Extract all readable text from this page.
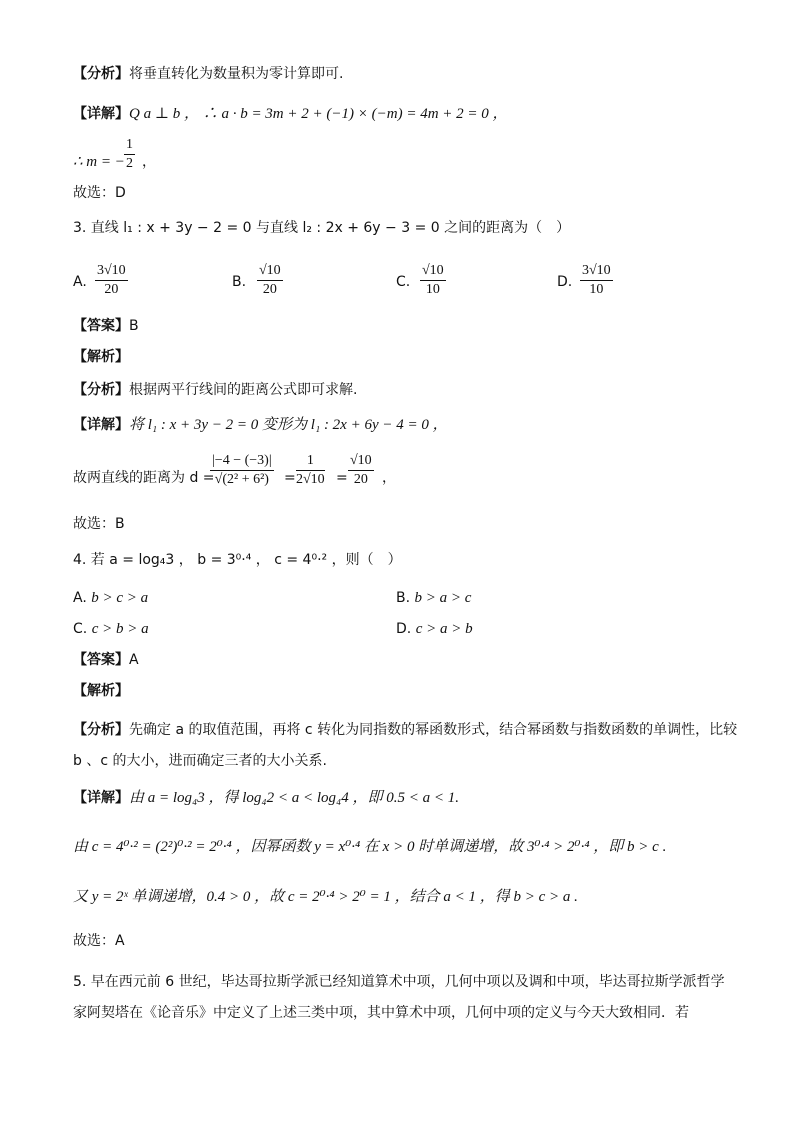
【分析】将垂直转化为数量积为零计算即可.
【详解】Q a ⊥ b ， ∴ a · b = 3m + 2 + (−1) × (−m) = 4m + 2 = 0 ，
∴ m = − $\frac{1}{2}$ ，
故选：D
3. 直线 l₁ : x + 3y − 2 = 0 与直线 l₂ : 2x + 6y − 3 = 0 之间的距离为（　）
A. $\frac{3√10}{20}$	B. $\frac{√10}{20}$	C. $\frac{√10}{10}$	D. $\frac{3√10}{10}$
【答案】B
【解析】
【分析】根据两平行线间的距离公式即可求解.
【详解】将 l₁ : x + 3y − 2 = 0 变形为 l₁ : 2x + 6y − 4 = 0 ，
故两直线的距离为 d =
$\frac{|-4 - (-3)|}{\text{√(2² + 6²)}} = \frac{1}{2√10} = \frac{√10}{20}$ ，
故选：B
4. 若 a = log₄3 ， b = 3⁰·⁴ ， c = 4⁰·² ，则（　）
A. b > c > a	B. b > a > c
C. c > b > a	D. c > a > b
【答案】A
【解析】
【分析】先确定 a 的取值范围，再将 c 转化为同指数的幂函数形式，结合幂函数与指数函数的单调性，比较
b 、c 的大小，进而确定三者的大小关系.
【详解】由 a = log₄3 ，得 log₄2 < a < log₄4 ，即 0.5 < a < 1.
由 c = 4⁰·² = (2²)⁰·² = 2⁰·⁴ ，因幂函数 y = x⁰·⁴ 在 x > 0 时单调递增，故 3⁰·⁴ > 2⁰·⁴ ，即 b > c .
又 y = 2ˣ 单调递增，0.4 > 0 ，故 c = 2⁰·⁴ > 2⁰ = 1 ，结合 a < 1 ，得 b > c > a .
故选：A
5. 早在西元前 6 世纪，毕达哥拉斯学派已经知道算术中项，几何中项以及调和中项，毕达哥拉斯学派哲学
家阿契塔在《论音乐》中定义了上述三类中项，其中算术中项，几何中项的定义与今天大致相同．若
